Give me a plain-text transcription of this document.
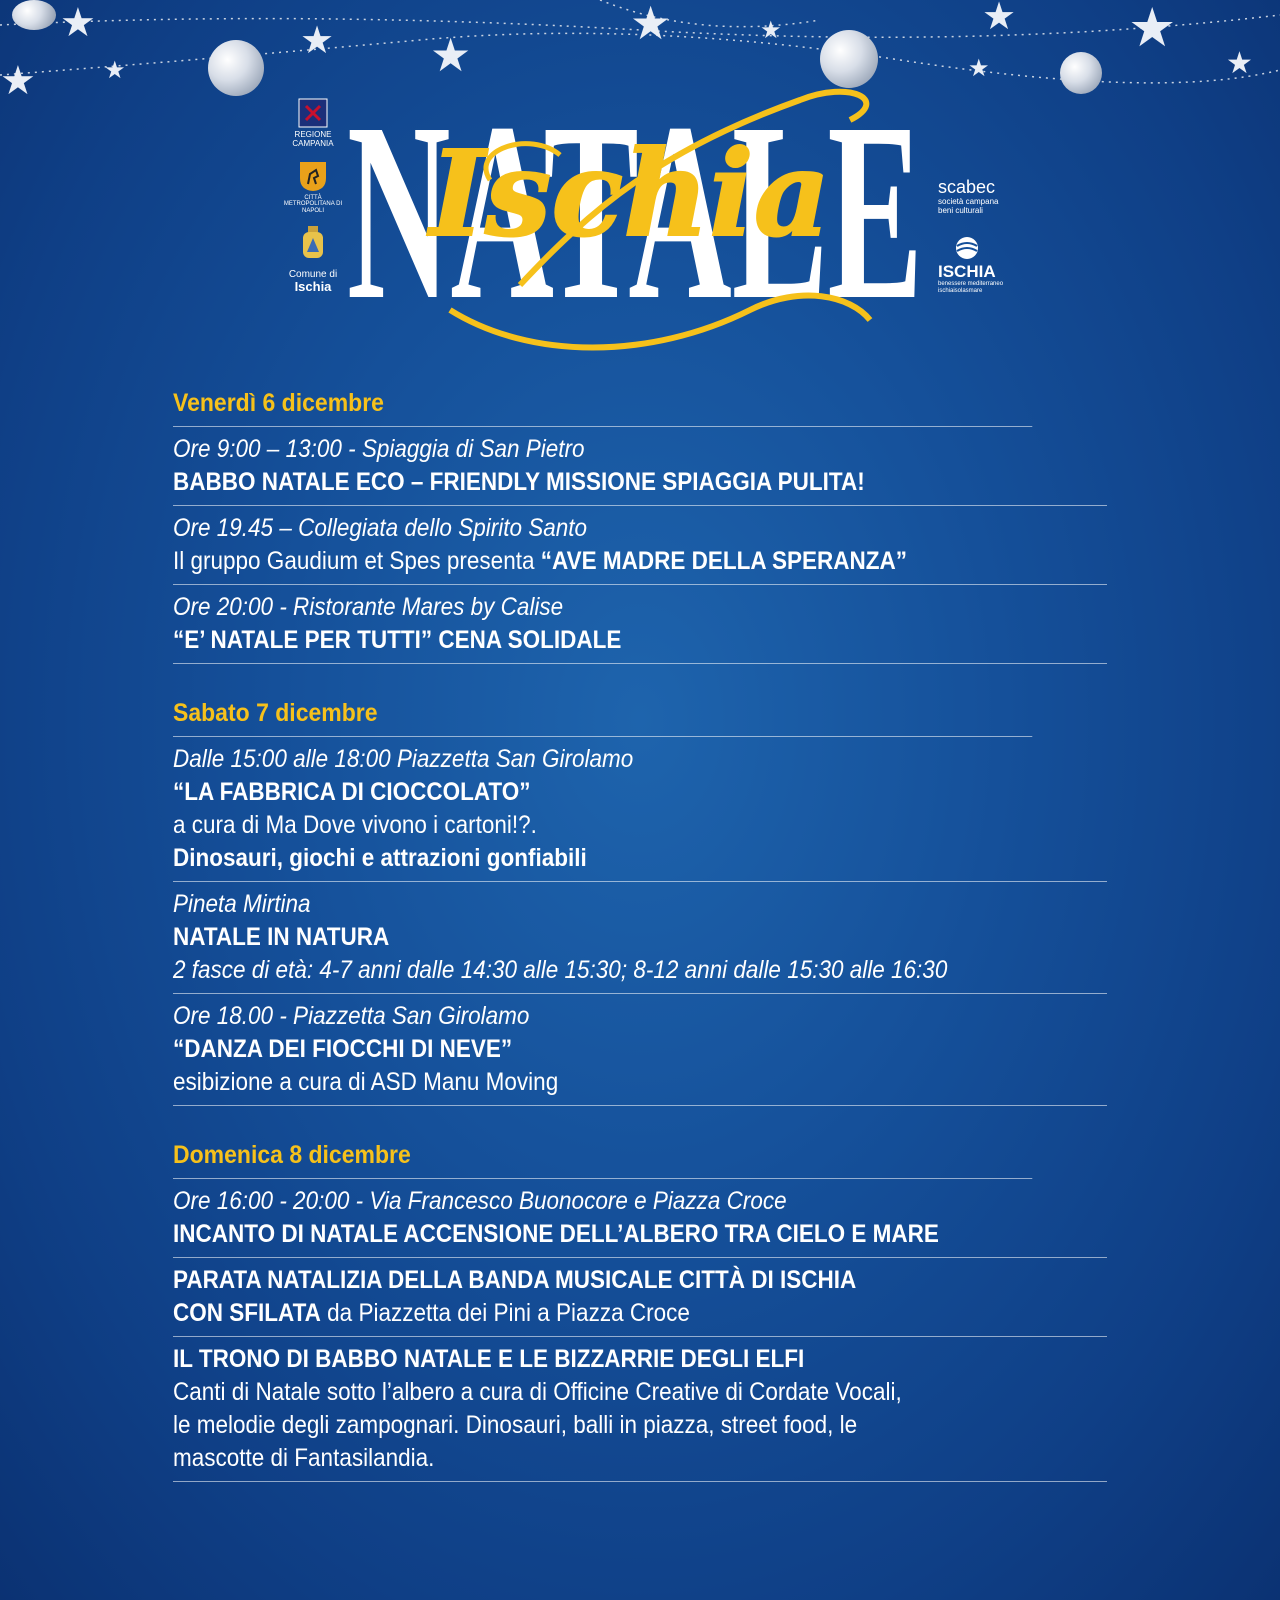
★
★	★
★ ★
★	★
★
★ ★
★
REGIONE CAMPANIA
CITTÀ METROPOLITANA DI NAPOLI
Comune di
Ischia NATALE
Ischia	scabec
società campana beni culturali
ISCHIA
benessere mediterraneo
ischiaisolasmare
Venerdì 6 dicembre
Ore 9:00 – 13:00 - Spiaggia di San Pietro
BABBO NATALE ECO – FRIENDLY MISSIONE SPIAGGIA PULITA!
Ore 19.45 – Collegiata dello Spirito Santo
Il gruppo Gaudium et Spes presenta “AVE MADRE DELLA SPERANZA”
Ore 20:00 - Ristorante Mares by Calise
“E’ NATALE PER TUTTI” CENA SOLIDALE
Sabato 7 dicembre
Dalle 15:00 alle 18:00 Piazzetta San Girolamo
“LA FABBRICA DI CIOCCOLATO”
a cura di Ma Dove vivono i cartoni!?.
Dinosauri, giochi e attrazioni gonfiabili
Pineta Mirtina
NATALE IN NATURA
2 fasce di età: 4-7 anni dalle 14:30 alle 15:30; 8-12 anni dalle 15:30 alle 16:30
Ore 18.00 - Piazzetta San Girolamo
“DANZA DEI FIOCCHI DI NEVE”
esibizione a cura di ASD Manu Moving
Domenica 8 dicembre
Ore 16:00 - 20:00 - Via Francesco Buonocore e Piazza Croce
INCANTO DI NATALE ACCENSIONE DELL’ALBERO TRA CIELO E MARE
PARATA NATALIZIA DELLA BANDA MUSICALE CITTÀ DI ISCHIA
CON SFILATA da Piazzetta dei Pini a Piazza Croce
IL TRONO DI BABBO NATALE E LE BIZZARRIE DEGLI ELFI
Canti di Natale sotto l’albero a cura di Officine Creative di Cordate Vocali,
le melodie degli zampognari. Dinosauri, balli in piazza, street food, le
mascotte di Fantasilandia.
